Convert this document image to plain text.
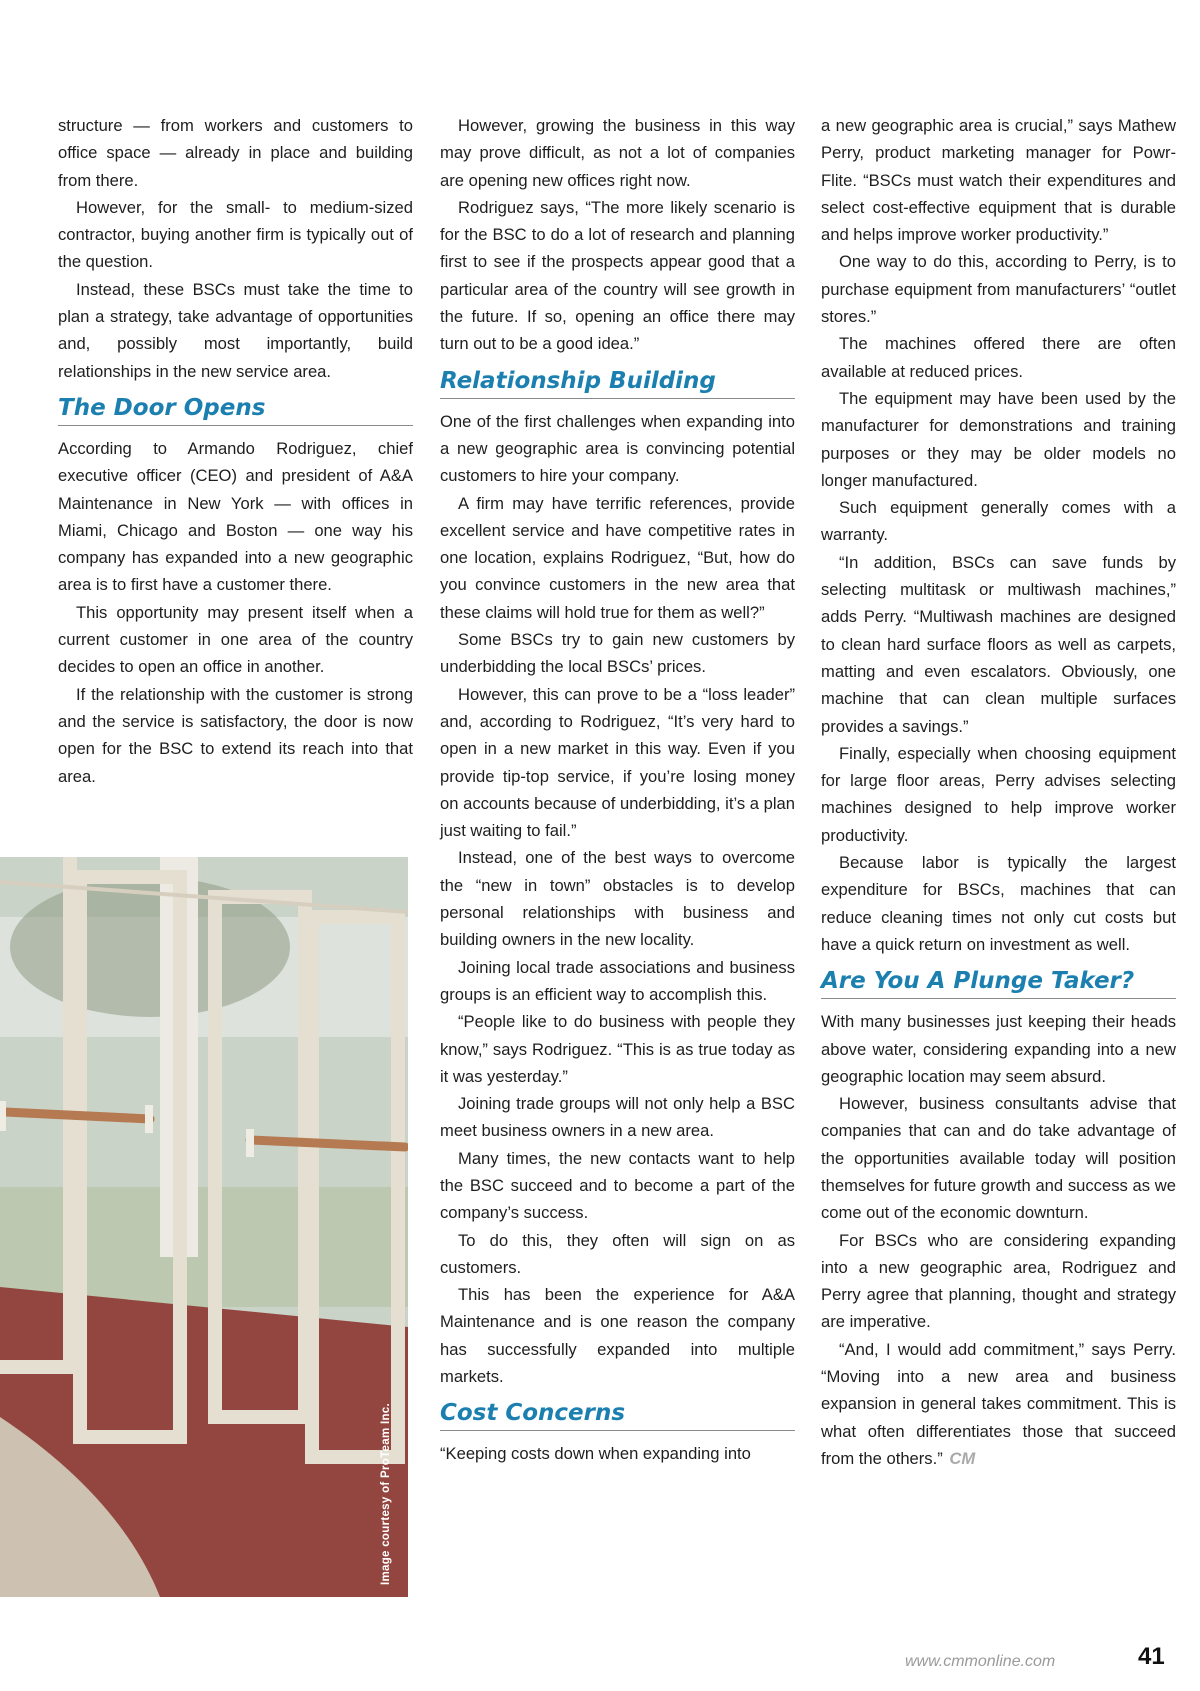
structure — from workers and customers to office space — already in place and building from there.

However, for the small- to medium-sized contractor, buying another firm is typically out of the question.

Instead, these BSCs must take the time to plan a strategy, take advantage of opportunities and, possibly most importantly, build relationships in the new service area.

The Door Opens

According to Armando Rodriguez, chief executive officer (CEO) and president of A&A Maintenance in New York — with offices in Miami, Chicago and Boston — one way his company has expanded into a new geographic area is to first have a customer there.

This opportunity may present itself when a current customer in one area of the country decides to open an office in another.

If the relationship with the customer is strong and the service is satisfactory, the door is now open for the BSC to extend its reach into that area.

Image courtesy of ProTeam Inc.

However, growing the business in this way may prove difficult, as not a lot of companies are opening new offices right now.

Rodriguez says, “The more likely scenario is for the BSC to do a lot of research and planning first to see if the prospects appear good that a particular area of the country will see growth in the future. If so, opening an office there may turn out to be a good idea.”

Relationship Building

One of the first challenges when expanding into a new geographic area is convincing potential customers to hire your company.

A firm may have terrific references, provide excellent service and have competitive rates in one location, explains Rodriguez, “But, how do you convince customers in the new area that these claims will hold true for them as well?”

Some BSCs try to gain new customers by underbidding the local BSCs’ prices.

However, this can prove to be a “loss leader” and, according to Rodriguez, “It’s very hard to open in a new market in this way. Even if you provide tip-top service, if you’re losing money on accounts because of underbidding, it’s a plan just waiting to fail.”

Instead, one of the best ways to overcome the “new in town” obstacles is to develop personal relationships with business and building owners in the new locality.

Joining local trade associations and business groups is an efficient way to accomplish this.

“People like to do business with people they know,” says Rodriguez. “This is as true today as it was yesterday.”

Joining trade groups will not only help a BSC meet business owners in a new area.

Many times, the new contacts want to help the BSC succeed and to become a part of the company’s success.

To do this, they often will sign on as customers.

This has been the experience for A&A Maintenance and is one reason the company has successfully expanded into multiple markets.

Cost Concerns

“Keeping costs down when expanding into

a new geographic area is crucial,” says Mathew Perry, product marketing manager for Powr-Flite. “BSCs must watch their expenditures and select cost-effective equipment that is durable and helps improve worker productivity.”

One way to do this, according to Perry, is to purchase equipment from manufacturers’ “outlet stores.”

The machines offered there are often available at reduced prices.

The equipment may have been used by the manufacturer for demonstrations and training purposes or they may be older models no longer manufactured.

Such equipment generally comes with a warranty.

“In addition, BSCs can save funds by selecting multitask or multiwash machines,” adds Perry. “Multiwash machines are designed to clean hard surface floors as well as carpets, matting and even escalators. Obviously, one machine that can clean multiple surfaces provides a savings.”

Finally, especially when choosing equipment for large floor areas, Perry advises selecting machines designed to help improve worker productivity.

Because labor is typically the largest expenditure for BSCs, machines that can reduce cleaning times not only cut costs but have a quick return on investment as well.

Are You A Plunge Taker?

With many businesses just keeping their heads above water, considering expanding into a new geographic location may seem absurd.

However, business consultants advise that companies that can and do take advantage of the opportunities available today will position themselves for future growth and success as we come out of the economic downturn.

For BSCs who are considering expanding into a new geographic area, Rodriguez and Perry agree that planning, thought and strategy are imperative.

“And, I would add commitment,” says Perry. “Moving into a new area and business expansion in general takes commitment. This is what often differentiates those that succeed from the others.” CM

www.cmmonline.com	41
